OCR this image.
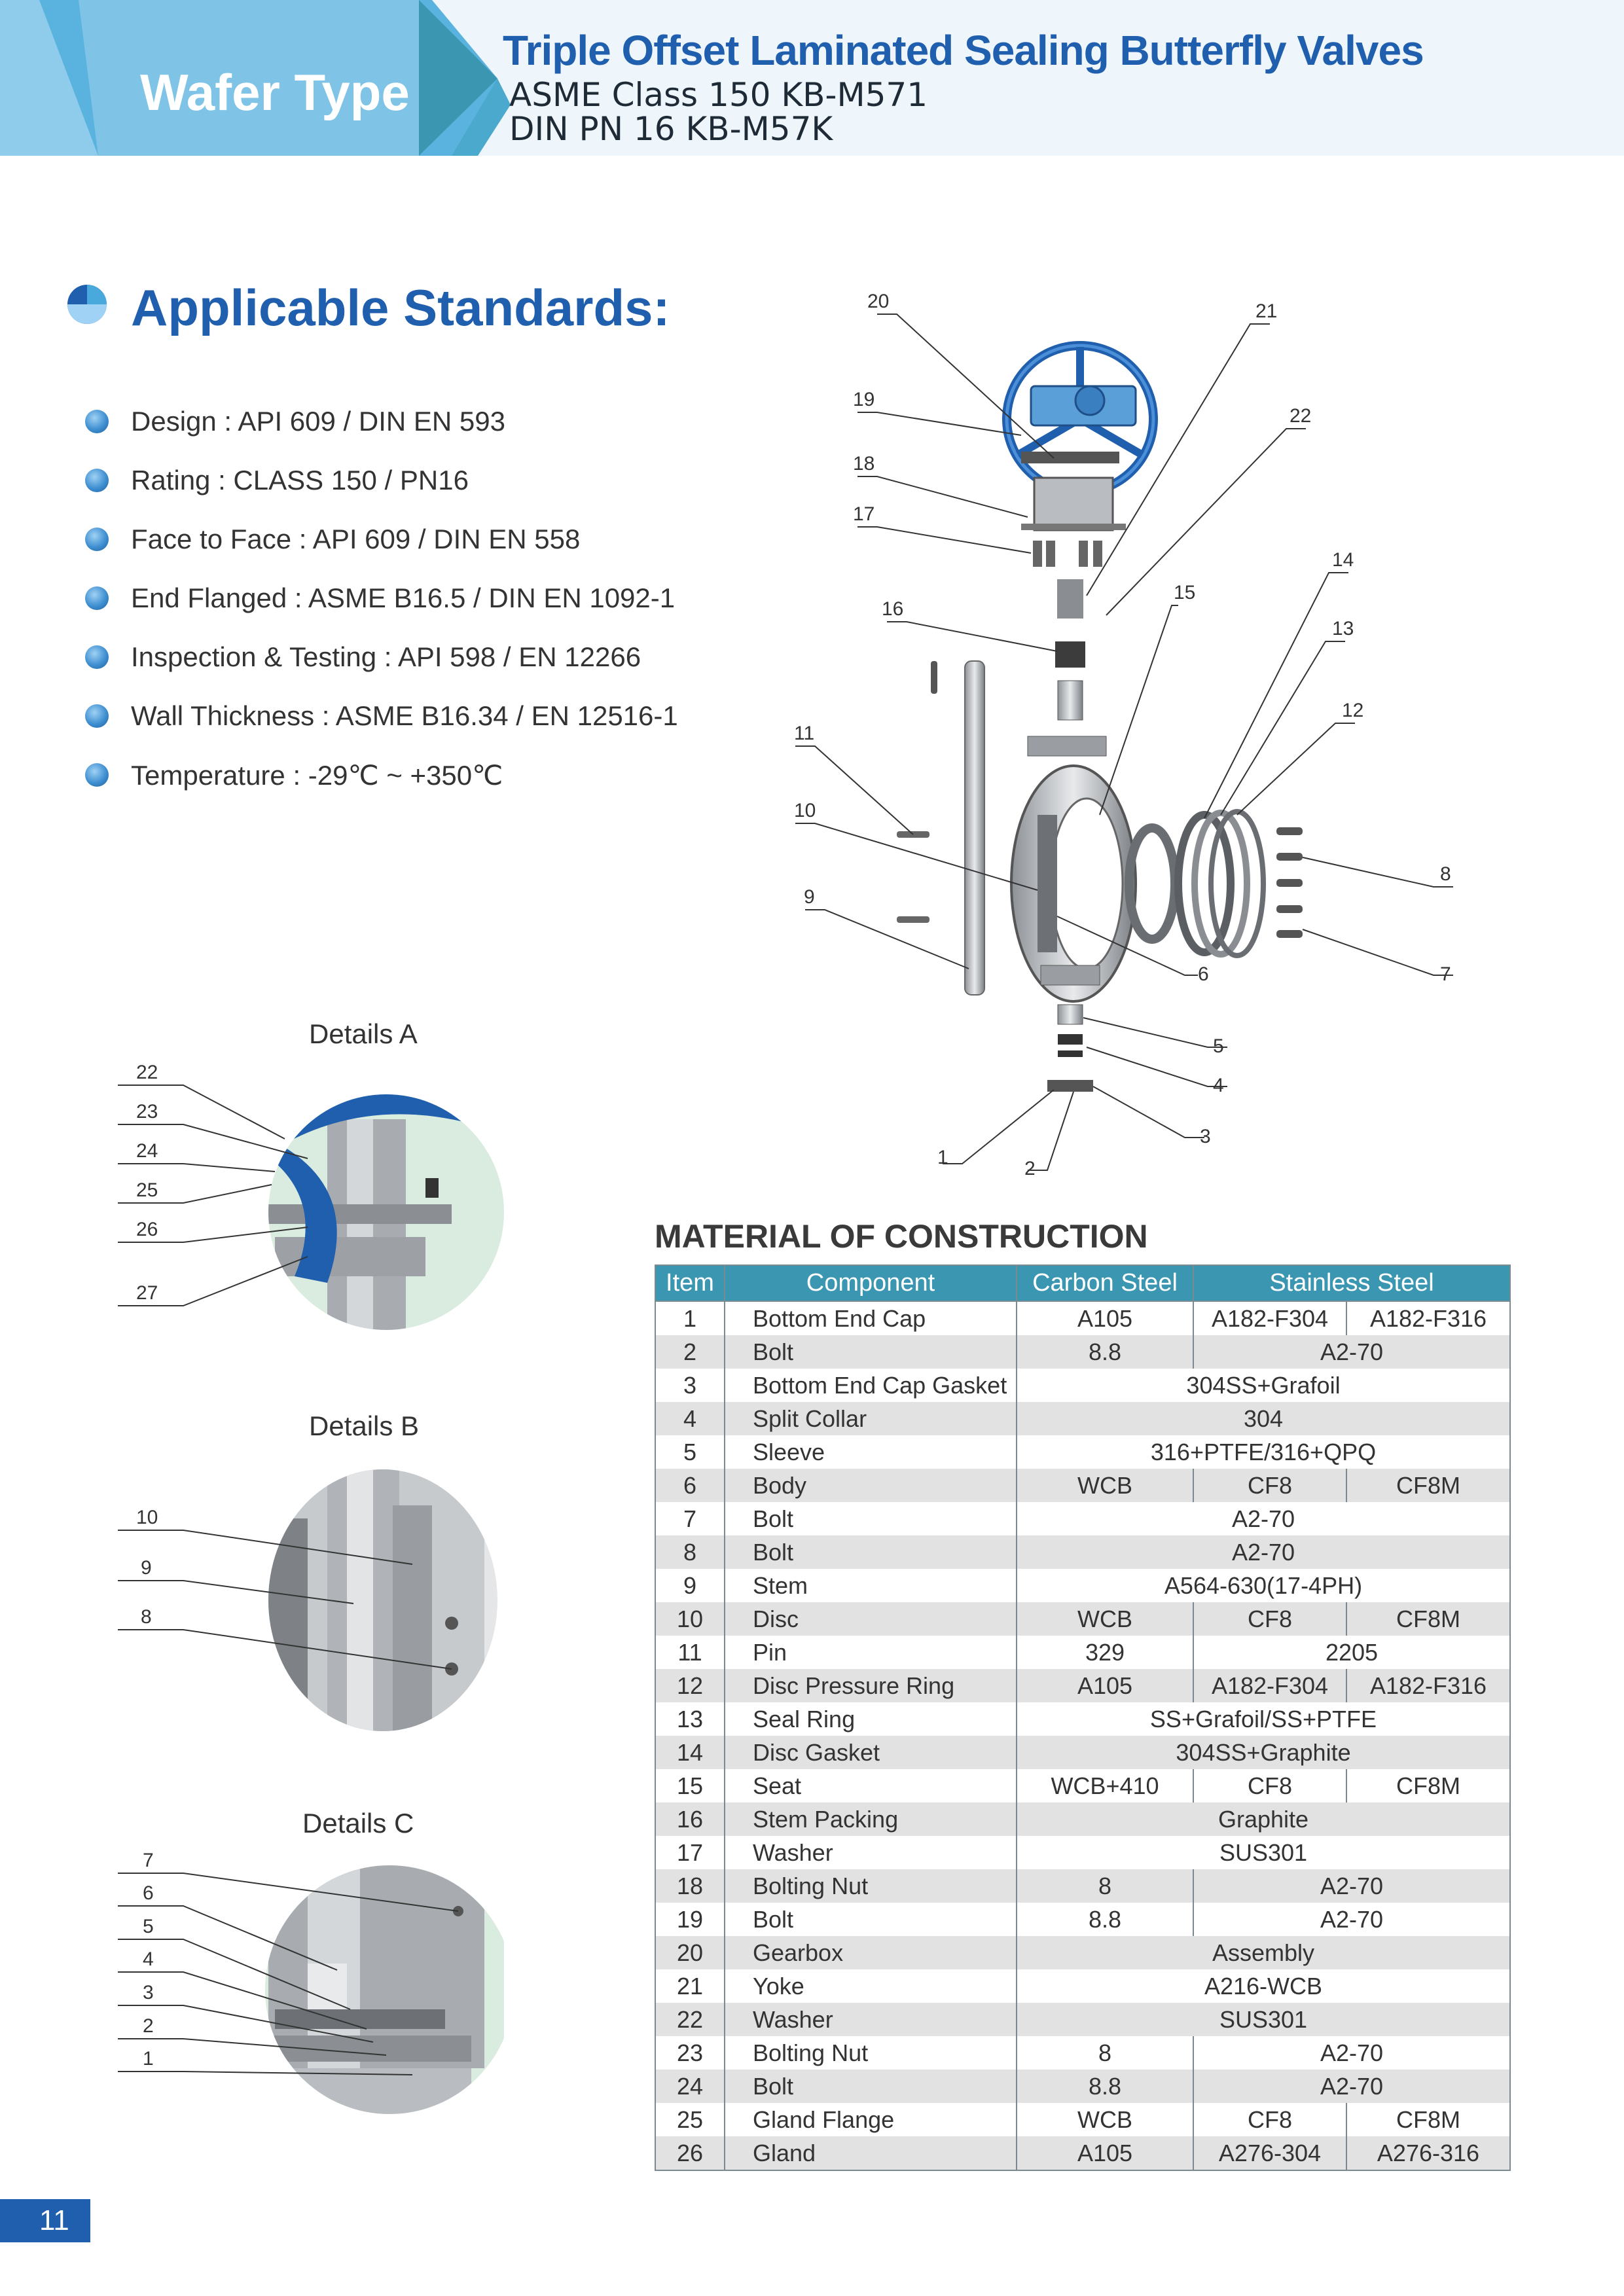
Wafer Type
Triple Offset Laminated Sealing Butterfly Valves
ASME Class 150 KB-M571
DIN PN 16 KB-M57K
Applicable Standards:
Design : API 609 / DIN EN 593
Rating : CLASS 150 / PN16
Face to Face : API 609 / DIN EN 558
End Flanged : ASME B16.5 / DIN EN 1092-1
Inspection & Testing : API 598 / EN 12266
Wall Thickness : ASME B16.34 / EN 12516-1
Temperature : -29℃ ~ +350℃
20	21
19
22
18
17
14
15
16
13
12
11
10
9
8
6	7
5
4
3
1
2
Details A
22
23
24
25
26
27
Details B
10
9
8
Details C
7
6
5
4
3
2
1
MATERIAL OF CONSTRUCTION
Item	Component	Carbon Steel	Stainless Steel	
1	Bottom End Cap	A105	A182-F304	A182-F316
2	Bolt	8.8	A2-70	
3	Bottom End Cap Gasket	304SS+Grafoil		
4	Split Collar	304		
5	Sleeve	316+PTFE/316+QPQ		
6	Body	WCB	CF8	CF8M
7	Bolt	A2-70		
8	Bolt	A2-70		
9	Stem	A564-630(17-4PH)		
10	Disc	WCB	CF8	CF8M
11	Pin	329	2205	
12	Disc Pressure Ring	A105	A182-F304	A182-F316
13	Seal Ring	SS+Grafoil/SS+PTFE		
14	Disc Gasket	304SS+Graphite		
15	Seat	WCB+410	CF8	CF8M
16	Stem Packing	Graphite		
17	Washer	SUS301		
18	Bolting Nut	8	A2-70	
19	Bolt	8.8	A2-70	
20	Gearbox	Assembly		
21	Yoke	A216-WCB		
22	Washer	SUS301		
23	Bolting Nut	8	A2-70	
24	Bolt	8.8	A2-70	
25	Gland Flange	WCB	CF8	CF8M
26	Gland	A105	A276-304	A276-316
11
